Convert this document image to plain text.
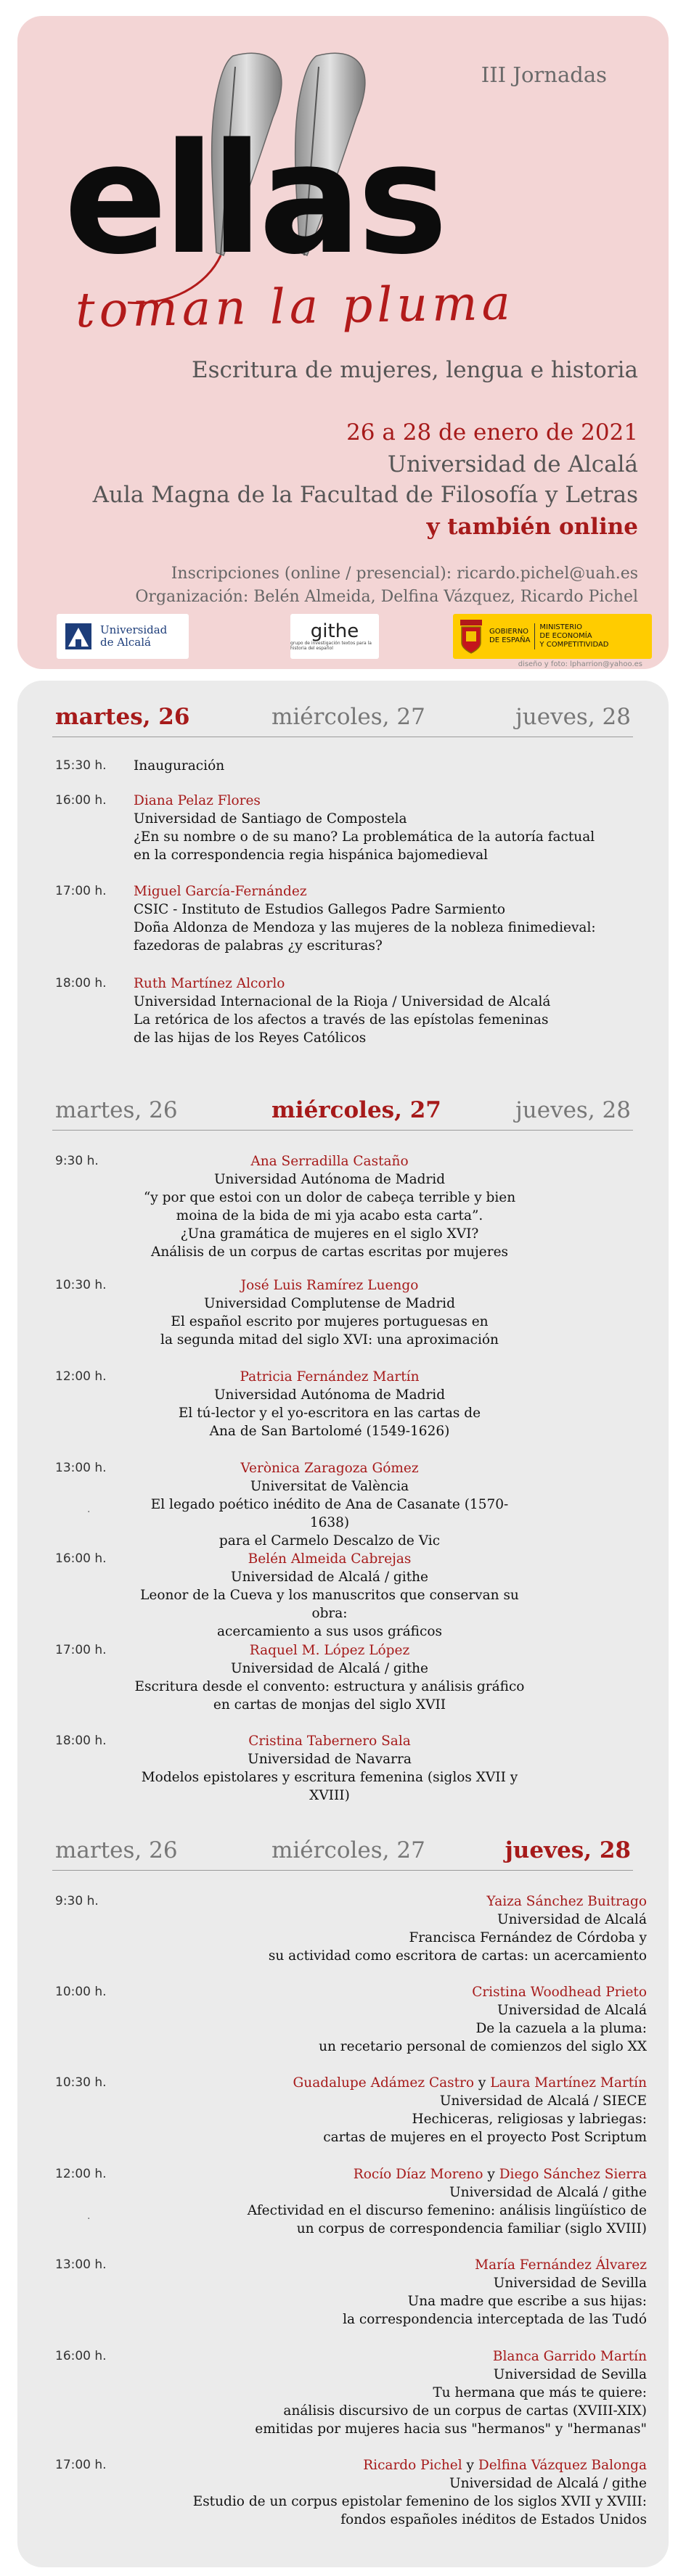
III Jornadas
ellas
toman la pluma
Escritura de mujeres, lengua e historia
26 a 28 de enero de 2021
Universidad de Alcalá
Aula Magna de la Facultad de Filosofía y Letras
y también online
Inscripciones (online / presencial): ricardo.pichel@uah.es
Organización: Belén Almeida, Delfina Vázquez, Ricardo Pichel
Universidad
de Alcalá	githe
grupo de investigación textos para la historia del español
GOBIERNO
DE ESPAÑA
MINISTERIO
DE ECONOMÍA
Y COMPETITIVIDAD
diseño y foto: lpharrion@yahoo.es
martes, 26	miércoles, 27	jueves, 28
15:30 h. Inauguración
16:00 h. Diana Pelaz Flores
Universidad de Santiago de Compostela
¿En su nombre o de su mano? La problemática de la autoría factual
en la correspondencia regia hispánica bajomedieval
17:00 h. Miguel García-Fernández
CSIC - Instituto de Estudios Gallegos Padre Sarmiento
Doña Aldonza de Mendoza y las mujeres de la nobleza finimedieval:
fazedoras de palabras ¿y escrituras?
18:00 h. Ruth Martínez Alcorlo
Universidad Internacional de la Rioja / Universidad de Alcalá
La retórica de los afectos a través de las epístolas femeninas
de las hijas de los Reyes Católicos
martes, 26	miércoles, 27	jueves, 28
9:30 h.	Ana Serradilla Castaño
Universidad Autónoma de Madrid
“y por que estoi con un dolor de cabeça terrible y bien
moina de la bida de mi yja acabo esta carta”.
¿Una gramática de mujeres en el siglo XVI?
Análisis de un corpus de cartas escritas por mujeres
10:30 h.	José Luis Ramírez Luengo
Universidad Complutense de Madrid
El español escrito por mujeres portuguesas en
la segunda mitad del siglo XVI: una aproximación
12:00 h.	Patricia Fernández Martín
Universidad Autónoma de Madrid
El tú-lector y el yo-escritora en las cartas de
Ana de San Bartolomé (1549-1626)
13:00 h.	Verònica Zaragoza Gómez
Universitat de València
El legado poético inédito de Ana de Casanate (1570-1638)
para el Carmelo Descalzo de Vic
16:00 h.	Belén Almeida Cabrejas
Universidad de Alcalá / githe
Leonor de la Cueva y los manuscritos que conservan su obra:
acercamiento a sus usos gráficos
17:00 h.	Raquel M. López López
Universidad de Alcalá / githe
Escritura desde el convento: estructura y análisis gráfico
en cartas de monjas del siglo XVII
18:00 h.	Cristina Tabernero Sala
Universidad de Navarra
Modelos epistolares y escritura femenina (siglos XVII y XVIII)
·
martes, 26	miércoles, 27	jueves, 28
9:30 h.	Yaiza Sánchez Buitrago
Universidad de Alcalá
Francisca Fernández de Córdoba y
su actividad como escritora de cartas: un acercamiento
10:00 h.	Cristina Woodhead Prieto
Universidad de Alcalá
De la cazuela a la pluma:
un recetario personal de comienzos del siglo XX
10:30 h.	Guadalupe Adámez Castro y Laura Martínez Martín
Universidad de Alcalá / SIECE
Hechiceras, religiosas y labriegas:
cartas de mujeres en el proyecto Post Scriptum
12:00 h.	Rocío Díaz Moreno y Diego Sánchez Sierra
Universidad de Alcalá / githe
Afectividad en el discurso femenino: análisis lingüístico de
un corpus de correspondencia familiar (siglo XVIII)
13:00 h.	María Fernández Álvarez
Universidad de Sevilla
Una madre que escribe a sus hijas:
la correspondencia interceptada de las Tudó
16:00 h.	Blanca Garrido Martín
Universidad de Sevilla
Tu hermana que más te quiere:
análisis discursivo de un corpus de cartas (XVIII-XIX)
emitidas por mujeres hacia sus "hermanos" y "hermanas"
17:00 h.	Ricardo Pichel y Delfina Vázquez Balonga
Universidad de Alcalá / githe
Estudio de un corpus epistolar femenino de los siglos XVII y XVIII:
fondos españoles inéditos de Estados Unidos
·
